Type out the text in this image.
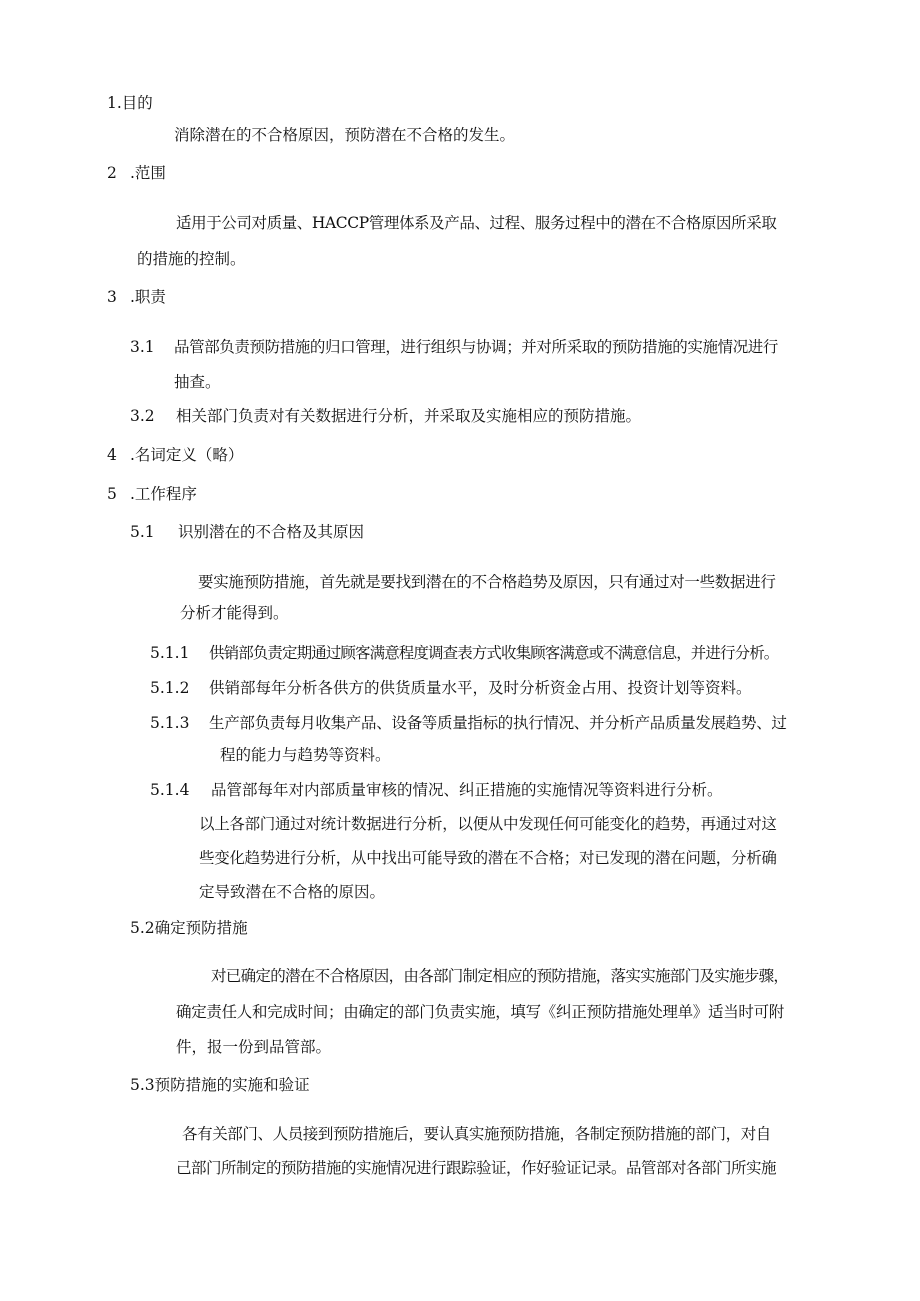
1.目的
消除潜在的不合格原因，预防潜在不合格的发生。
2 .范围
适用于公司对质量、HACCP管理体系及产品、过程、服务过程中的潜在不合格原因所采取
的措施的控制。
3 .职责
3.1 品管部负责预防措施的归口管理，进行组织与协调；并对所采取的预防措施的实施情况进行
抽查。
3.2 相关部门负责对有关数据进行分析，并采取及实施相应的预防措施。
4 .名词定义（略）
5 .工作程序
5.1 识别潜在的不合格及其原因
要实施预防措施，首先就是要找到潜在的不合格趋势及原因，只有通过对一些数据进行
分析才能得到。
5.1.1 供销部负责定期通过顾客满意程度调查表方式收集顾客满意或不满意信息，并进行分析。
5.1.2 供销部每年分析各供方的供货质量水平，及时分析资金占用、投资计划等资料。
5.1.3 生产部负责每月收集产品、设备等质量指标的执行情况、并分析产品质量发展趋势、过
程的能力与趋势等资料。
5.1.4 品管部每年对内部质量审核的情况、纠正措施的实施情况等资料进行分析。
以上各部门通过对统计数据进行分析，以便从中发现任何可能变化的趋势，再通过对这
些变化趋势进行分析，从中找出可能导致的潜在不合格；对已发现的潜在问题，分析确
定导致潜在不合格的原因。
5.2确定预防措施
对已确定的潜在不合格原因，由各部门制定相应的预防措施，落实实施部门及实施步骤，
确定责任人和完成时间；由确定的部门负责实施，填写《纠正预防措施处理单》适当时可附
件，报一份到品管部。
5.3预防措施的实施和验证
各有关部门、人员接到预防措施后，要认真实施预防措施，各制定预防措施的部门，对自
己部门所制定的预防措施的实施情况进行跟踪验证，作好验证记录。品管部对各部门所实施
